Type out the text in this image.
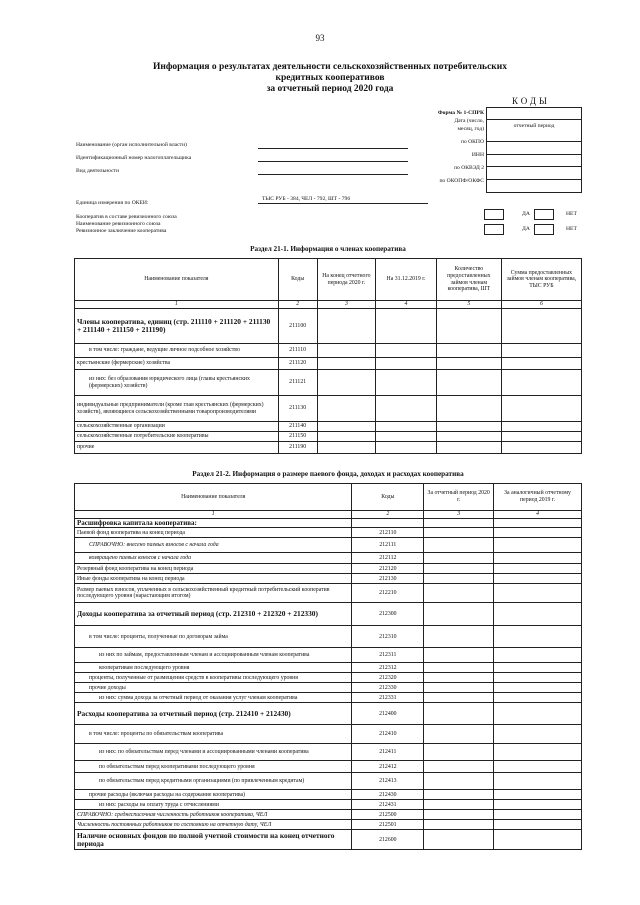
93
Информация о результатах деятельности сельскохозяйственных потребительских
кредитных кооперативов
за отчетный период 2020 года
КОДЫ
отчетный период
Форма № 1-СПРК
Дата (число,
месяц, год)
по ОКПО
ИНН
по ОКВЭД 2
по ОКОПФ/ОКФС
Наименование (орган исполнительной власти)
Идентификационный номер налогоплательщика
Вид деятельности
Единица измерения по ОКЕИ:
ТЫС РУБ - 384, ЧЕЛ - 792, ШТ - 796
Кооператив в составе ревизионного союза
Наименование ревизионного союза
Ревизионное заключение кооператива
ДА	НЕТ
ДА	НЕТ
Раздел 21-1. Информация о членах кооператива
Наименование показателя	Коды	На конец отчетного периода 2020 г.	На 31.12.2019 г.	Количество предоставленных займов членам кооператива, ШТ	Сумма предоставленных займов членам кооператива, ТЫС РУБ
1	2	3	4	5	6
Члены кооператива, единиц (стр. 211110 + 211120 + 211130 + 211140 + 211150 + 211190)	211100				
в том числе: граждане, ведущие личное подсобное хозяйство	211110				
крестьянские (фермерские) хозяйства	211120				
из них: без образования юридического лица (главы крестьянских (фермерских) хозяйств)	211121				
индивидуальные предприниматели (кроме глав крестьянских (фермерских) хозяйств), являющиеся сельскохозяйственными товаропроизводителями	211130				
сельскохозяйственные организации	211140				
сельскохозяйственные потребительские кооперативы	211150				
прочие	211190				
Раздел 21-2. Информация о размере паевого фонда, доходах и расходах кооператива
Наименование показателя	Коды	За отчетный период 2020 г.	За аналогичный отчетному период 2019 г.
1	2	3	4
Расшифровка капитала кооператива:			
Паевой фонд кооператива на конец периода	212110		
СПРАВОЧНО: внесено паевых взносов с начала года	212111		
возвращено паевых взносов с начала года	212112		
Резервный фонд кооператива на конец периода	212120		
Иные фонды кооператива на конец периода	212130		
Размер паевых взносов, уплаченных в сельскохозяйственный кредитный потребительский кооператив последующего уровня (нарастающим итогом)	212210		
Доходы кооператива за отчетный период (стр. 212310 + 212320 + 212330)	212300		
в том числе: проценты, полученные по договорам займа	212310		
из них по займам, предоставленным членам и ассоциированным членам кооператива	212311		
кооперативам последующего уровня	212312		
проценты, полученные от размещения средств в кооперативы последующего уровня	212320		
прочие доходы	212330		
из них: сумма дохода за отчетный период от оказания услуг членам кооператива	212331		
Расходы кооператива за отчетный период (стр. 212410 + 212430)	212400		
в том числе: проценты по обязательствам кооператива	212410		
из них: по обязательствам перед членами и ассоциированными членами кооператива	212411		
по обязательствам перед кооперативами последующего уровня	212412		
по обязательствам перед кредитными организациями (по привлеченным кредитам)	212413		
прочие расходы (включая расходы на содержание кооператива)	212430		
из них: расходы на оплату труда с отчислениями	212431		
СПРАВОЧНО: среднесписочная численность работников кооператива, ЧЕЛ	212500		
Численность постоянных работников по состоянию на отчетную дату, ЧЕЛ	212501		
Наличие основных фондов по полной учетной стоимости на конец отчетного периода	212600		
